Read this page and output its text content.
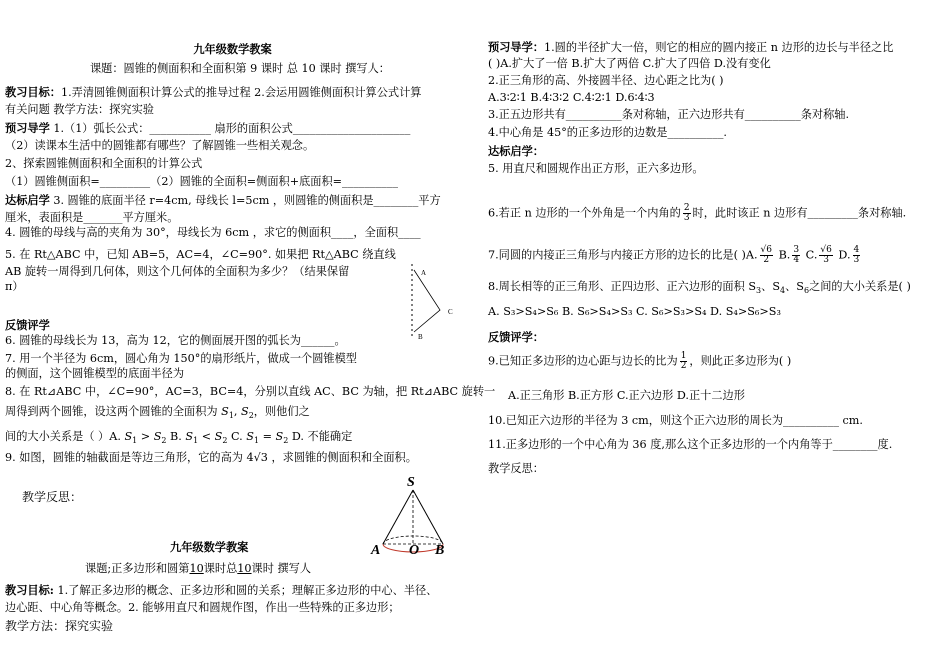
九年级数学教案
课题：圆锥的侧面积和全面积第 9 课时 总 10 课时 撰写人：
教习目标：1.弄清圆锥侧面积计算公式的推导过程 2.会运用圆锥侧面积计算公式计算
有关问题 教学方法：探究实验
预习导学 1.（1）弧长公式：___________ 扇形的面积公式_____________________
（2）读课本生活中的圆锥都有哪些？了解圆锥一些相关观念。
2、探索圆锥侧面积和全面积的计算公式
（1）圆锥侧面积=_________（2）圆锥的全面积=侧面积+底面积=__________
达标启学 3. 圆锥的底面半径 r=4cm, 母线长 l=5cm ，则圆锥的侧面积是________平方
厘米，表面积是_______平方厘米。
4. 圆锥的母线与高的夹角为 30°，母线长为 6cm ，求它的侧面积____，全面积____
5. 在 Rt△ABC 中，已知 AB=5，AC=4，∠C=90°. 如果把 Rt△ABC 绕直线
AB 旋转一周得到几何体，则这个几何体的全面积为多少？（结果保留
π）
A
C
B
反馈评学
6. 圆锥的母线长为 13，高为 12，它的侧面展开图的弧长为______。
7. 用一个半径为 6cm，圆心角为 150°的扇形纸片，做成一个圆锥模型
的侧面，这个圆锥模型的底面半径为
8. 在 Rt⊿ABC 中，∠C=90°，AC=3，BC=4，分别以直线 AC、BC 为轴，把 Rt⊿ABC 旋转一
周得到两个圆锥，设这两个圆锥的全面积为 $S_1$, $S_2$，则他们之
间的大小关系是（ ）A. $S_1 > S_2$ B. $S_1 < S_2$ C. $S_1 = S_2$ D. 不能确定
9. 如图，圆锥的轴截面是等边三角形，它的高为 4√3 ，求圆锥的侧面积和全面积。
教学反思：
S
A O B
九年级数学教案
课题;正多边形和圆第10课时总10课时 撰写人
教习目标: 1.了解正多边形的概念、正多边形和圆的关系；理解正多边形的中心、半径、
边心距、中心角等概念。2. 能够用直尺和圆规作图，作出一些特殊的正多边形；
教学方法：探究实验
预习导学：1.圆的半径扩大一倍，则它的相应的圆内接正 n 边形的边长与半径之比
( )A.扩大了一倍 B.扩大了两倍 C.扩大了四倍 D.没有变化
2.正三角形的高、外接圆半径、边心距之比为( )
A.3∶2∶1 B.4∶3∶2 C.4∶2∶1 D.6∶4∶3
3.正五边形共有__________条对称轴，正六边形共有__________条对称轴.
4.中心角是 45°的正多边形的边数是__________.
达标启学：
5. 用直尺和圆规作出正方形，正六多边形。
6.若正 n 边形的一个外角是一个内角的 $\frac{2}{3}$ 时，此时该正 n 边形有_________条对称轴.
7.同圆的内接正三角形与内接正方形的边长的比是( )A. $\frac{√6}{2} B$. $\frac{3}{4} C$. $\frac{√6}{3} D$. $\frac{4}{3}$
8.周长相等的正三角形、正四边形、正六边形的面积 $S_3$、$S_4$、$S_6$之间的大小关系是( )
A. S₃>S₄>S₆ B. S₆>S₄>S₃ C. S₆>S₃>S₄ D. S₄>S₆>S₃
反馈评学：
9.已知正多边形的边心距与边长的比为 $\frac{1}{2}$ ，则此正多边形为( )
A.正三角形 B.正方形 C.正六边形 D.正十二边形
10.已知正六边形的半径为 3 cm，则这个正六边形的周长为__________ cm.
11.正多边形的一个中心角为 36 度,那么这个正多边形的一个内角等于________度.
教学反思：
